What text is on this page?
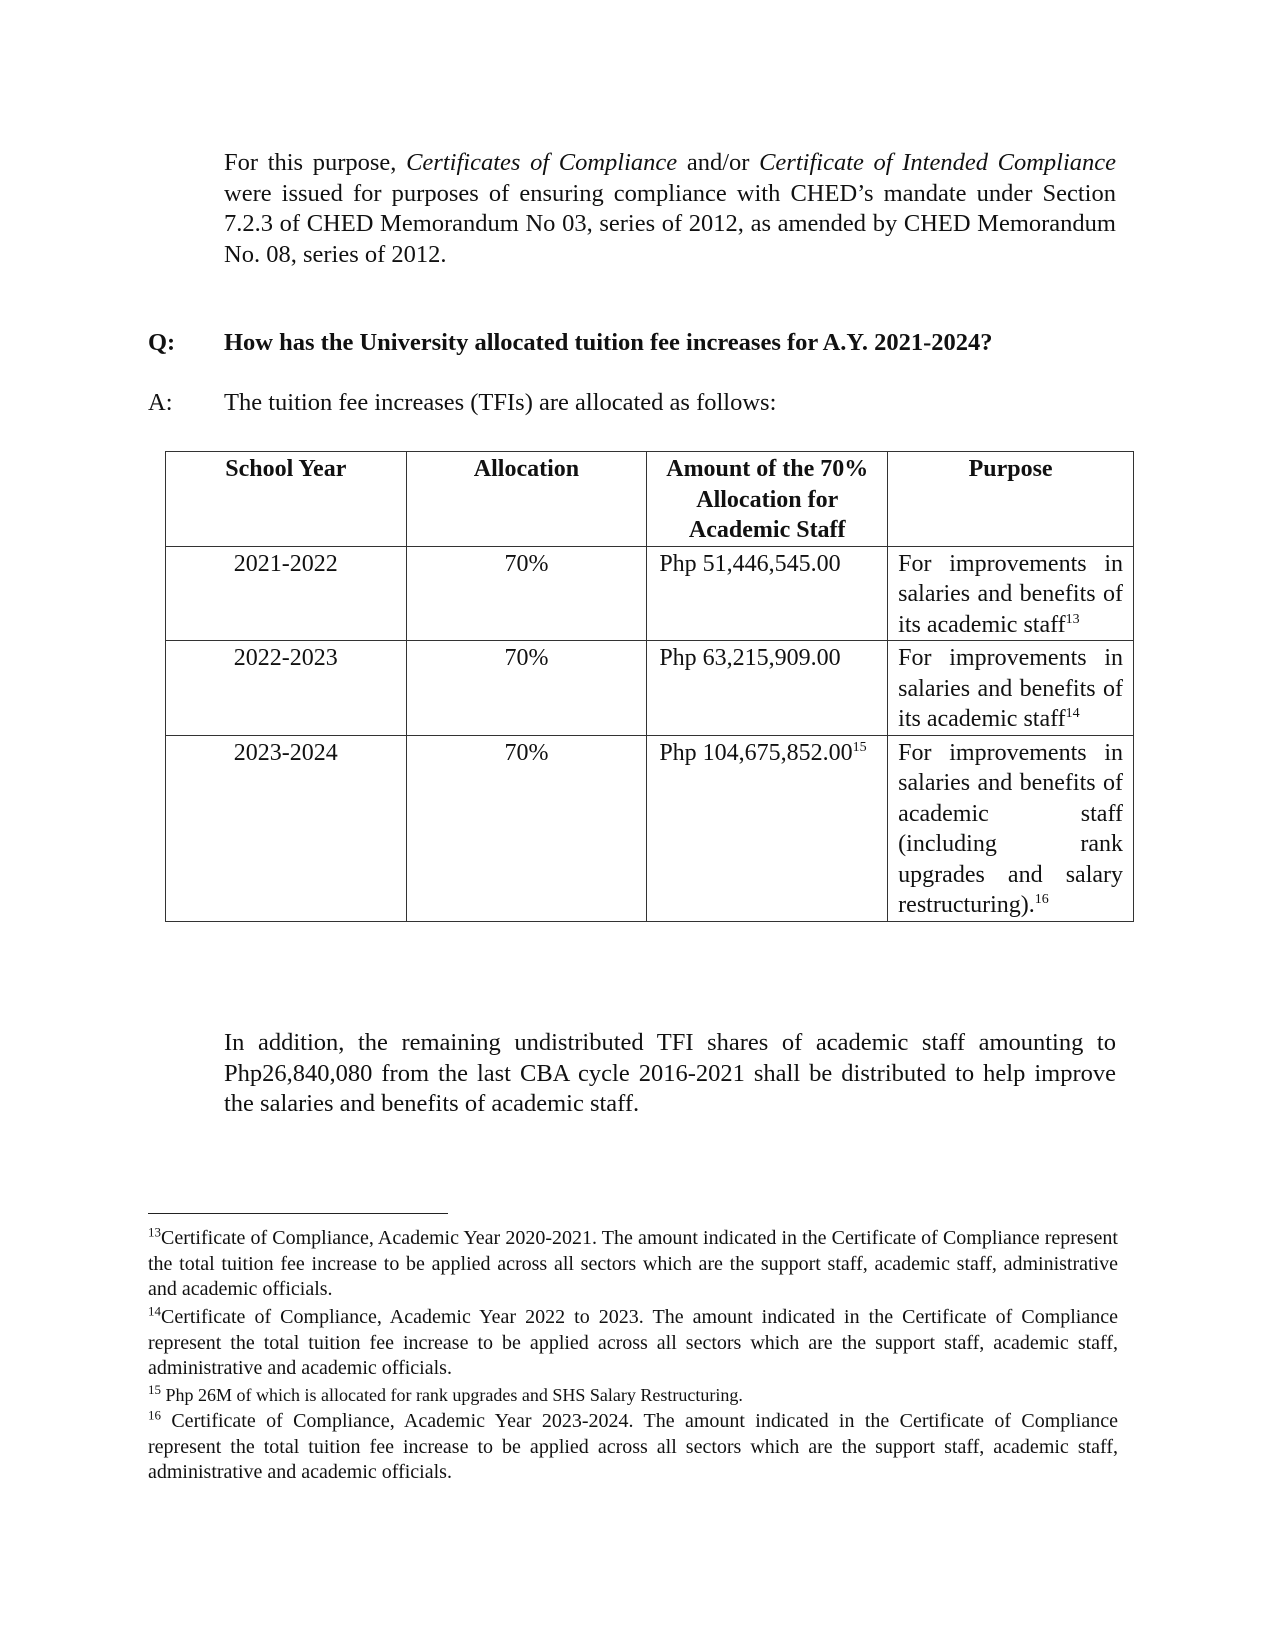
For this purpose, Certificates of Compliance and/or Certificate of Intended Compliance were issued for purposes of ensuring compliance with CHED’s mandate under Section 7.2.3 of CHED Memorandum No 03, series of 2012, as amended by CHED Memorandum No. 08, series of 2012.

Q: How has the University allocated tuition fee increases for A.Y. 2021-2024?
A: The tuition fee increases (TFIs) are allocated as follows:
School Year	Allocation	Amount of the 70% Allocation for Academic Staff	Purpose
2021-2022	70%	Php 51,446,545.00	For improvements in salaries and benefits of its academic staff$^{13}$
2022-2023	70%	Php 63,215,909.00	For improvements in salaries and benefits of its academic staff$^{14}$
2023-2024	70%	Php 104,675,852.00$^{15}$	For improvements in salaries and benefits of academic staff (including rank upgrades and salary restructuring).$^{16}$

In addition, the remaining undistributed TFI shares of academic staff amounting to Php26,840,080 from the last CBA cycle 2016-2021 shall be distributed to help improve the salaries and benefits of academic staff.

$^{13}$Certificate of Compliance, Academic Year 2020-2021. The amount indicated in the Certificate of Compliance represent the total tuition fee increase to be applied across all sectors which are the support staff, academic staff, administrative and academic officials.

$^{14}$Certificate of Compliance, Academic Year 2022 to 2023. The amount indicated in the Certificate of Compliance represent the total tuition fee increase to be applied across all sectors which are the support staff, academic staff, administrative and academic officials.

$^{15}$ Php 26M of which is allocated for rank upgrades and SHS Salary Restructuring.

$^{16}$ Certificate of Compliance, Academic Year 2023-2024. The amount indicated in the Certificate of Compliance represent the total tuition fee increase to be applied across all sectors which are the support staff, academic staff, administrative and academic officials.
